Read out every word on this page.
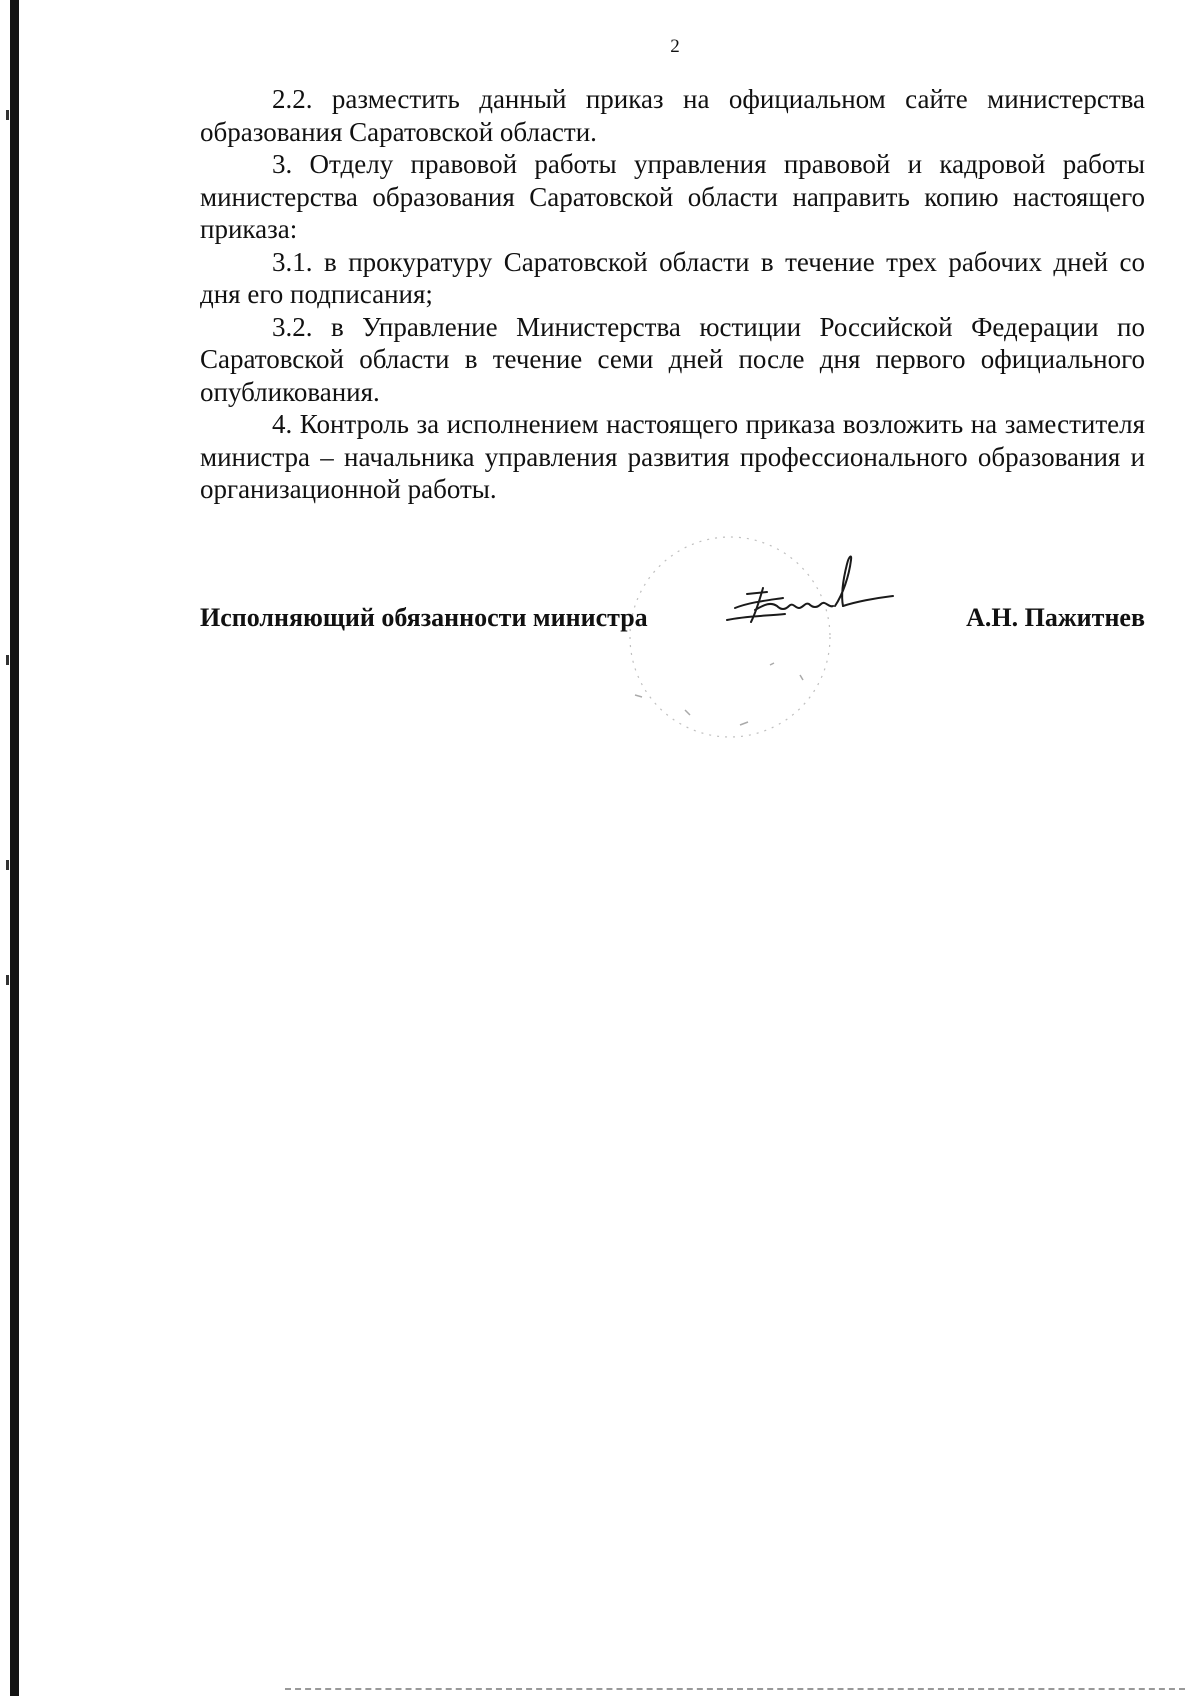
2

2.2. разместить данный приказ на официальном сайте министерства образования Саратовской области.

3. Отделу правовой работы управления правовой и кадровой работы министерства образования Саратовской области направить копию настоящего приказа:

3.1. в прокуратуру Саратовской области в течение трех рабочих дней со дня его подписания;

3.2. в Управление Министерства юстиции Российской Федерации по Саратовской области в течение семи дней после дня первого официального опубликования.

4. Контроль за исполнением настоящего приказа возложить на заместителя министра – начальника управления развития профессионального образования и организационной работы.

Исполняющий обязанности министра	А.Н. Пажитнев
